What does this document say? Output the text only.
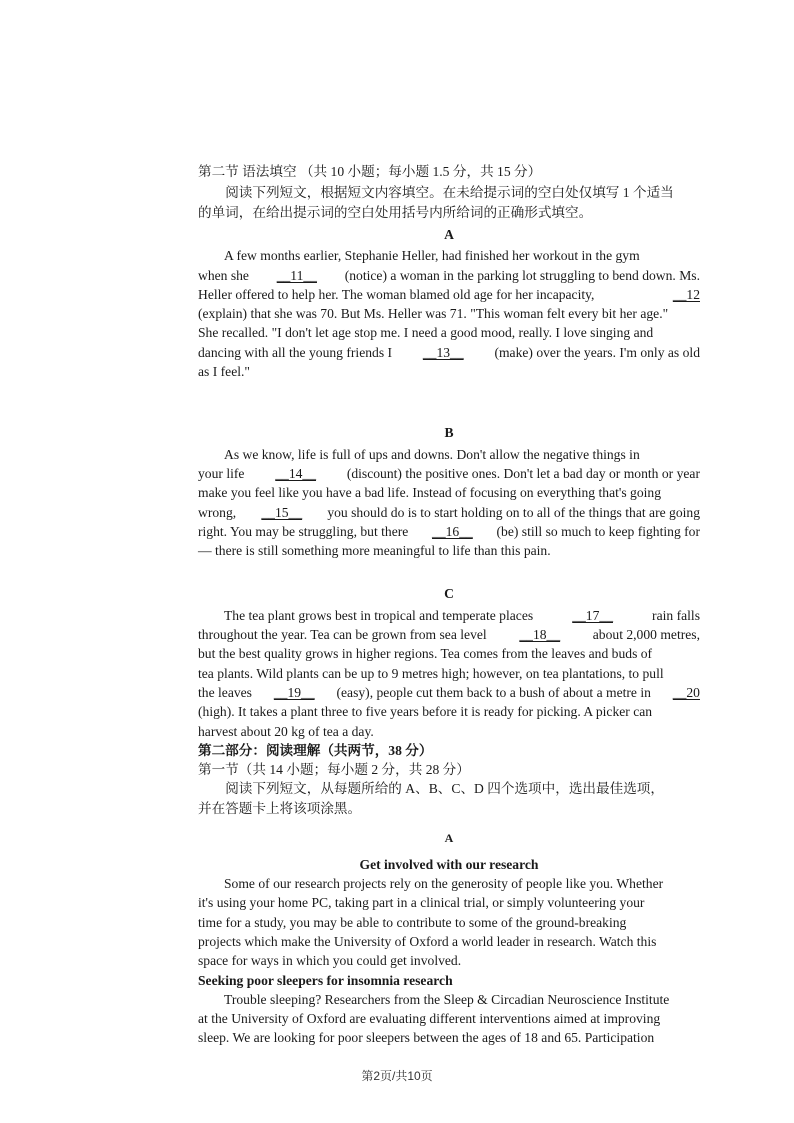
第二节 语法填空 （共 10 小题；每小题 1.5 分，共 15 分）
阅读下列短文，根据短文内容填空。在未给提示词的空白处仅填写 1 个适当
的单词，在给出提示词的空白处用括号内所给词的正确形式填空。
A
A few months earlier, Stephanie Heller, had finished her workout in the gym
when she __11__ (notice) a woman in the parking lot struggling to bend down. Ms.
Heller offered to help her. The woman blamed old age for her incapacity,	__12
(explain) that she was 70. But Ms. Heller was 71. "This woman felt every bit her age."
She recalled. "I don't let age stop me. I need a good mood, really. I love singing and
dancing with all the young friends I __13__ (make) over the years. I'm only as old
as I feel."
B
As we know, life is full of ups and downs. Don't allow the negative things in
your life __14__ (discount) the positive ones. Don't let a bad day or month or year
make you feel like you have a bad life. Instead of focusing on everything that's going
wrong, __15__ you should do is to start holding on to all of the things that are going
right. You may be struggling, but there __16__ (be) still so much to keep fighting for
— there is still something more meaningful to life than this pain.
C
The tea plant grows best in tropical and temperate places	__17__	rain falls
throughout the year. Tea can be grown from sea level __18__ about 2,000 metres,
but the best quality grows in higher regions. Tea comes from the leaves and buds of
tea plants. Wild plants can be up to 9 metres high; however, on tea plantations, to pull
the leaves __19__ (easy), people cut them back to a bush of about a metre in __20
(high). It takes a plant three to five years before it is ready for picking. A picker can
harvest about 20 kg of tea a day.
第二部分：阅读理解（共两节，38 分）
第一节（共 14 小题；每小题 2 分，共 28 分）
阅读下列短文，从每题所给的 A、B、C、D 四个选项中，选出最佳选项，
并在答题卡上将该项涂黑。
A
Get involved with our research
Some of our research projects rely on the generosity of people like you. Whether
it's using your home PC, taking part in a clinical trial, or simply volunteering your
time for a study, you may be able to contribute to some of the ground-breaking
projects which make the University of Oxford a world leader in research. Watch this
space for ways in which you could get involved.
Seeking poor sleepers for insomnia research
Trouble sleeping? Researchers from the Sleep & Circadian Neuroscience Institute
at the University of Oxford are evaluating different interventions aimed at improving
sleep. We are looking for poor sleepers between the ages of 18 and 65. Participation
第2页/共10页
